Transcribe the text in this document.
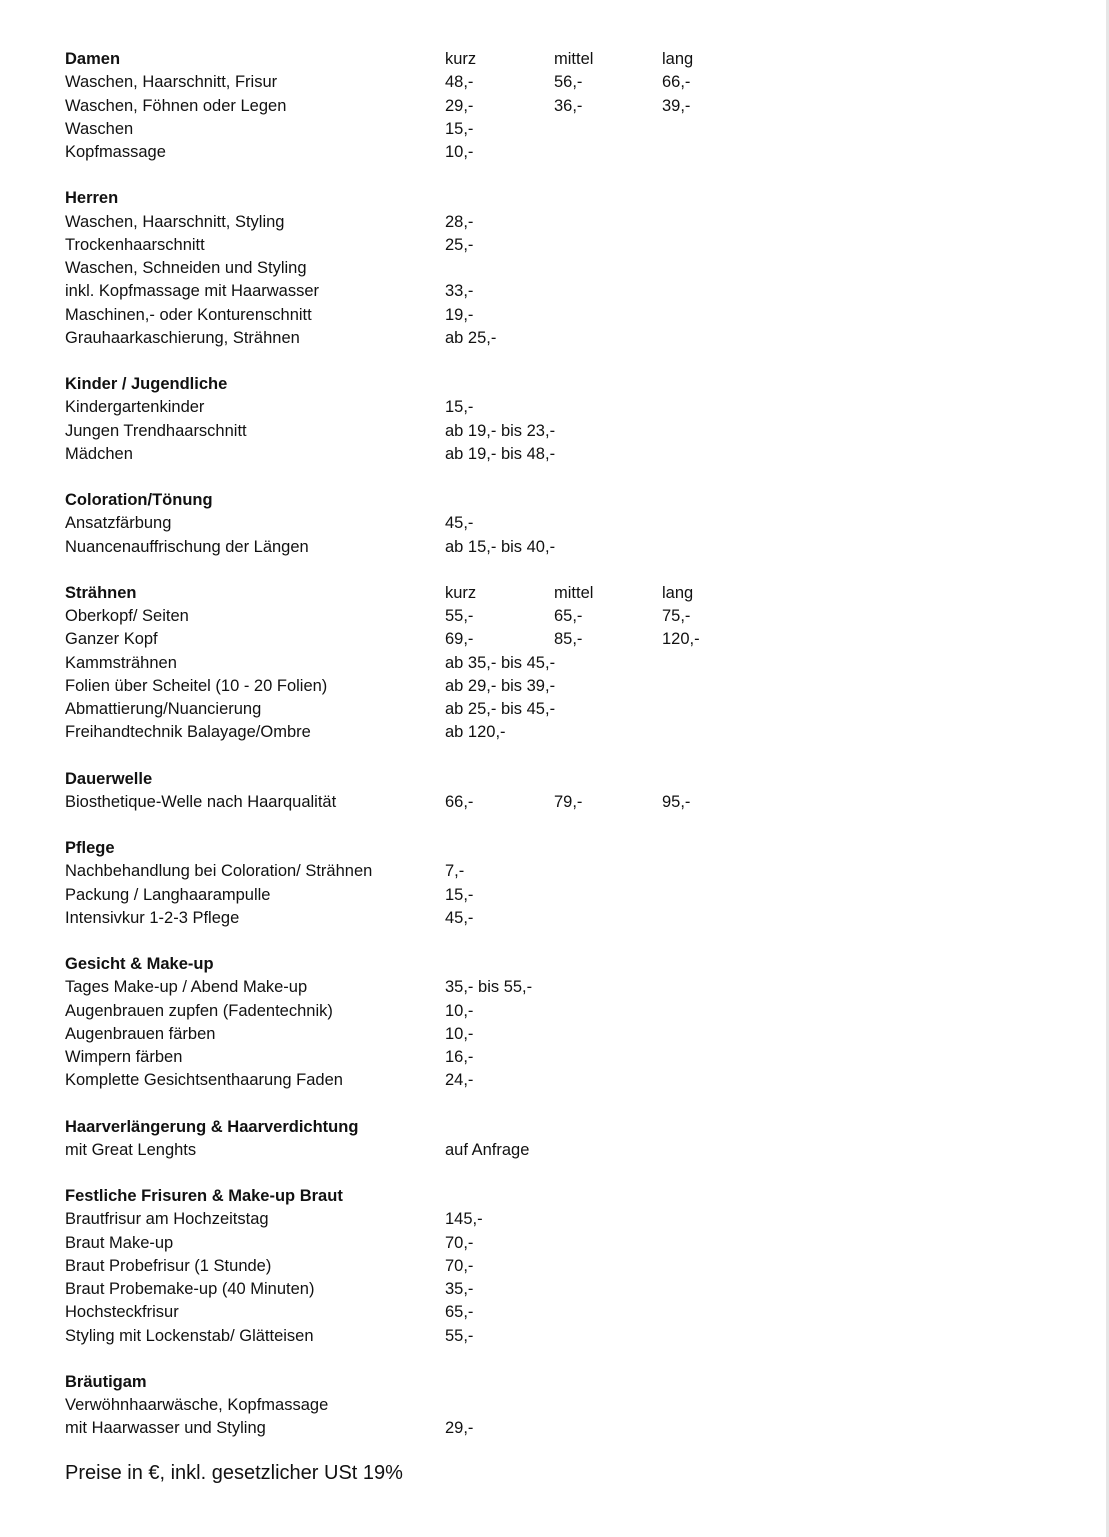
Damen	kurz	mittel	lang
Waschen, Haarschnitt, Frisur	48,-	56,-	66,-
Waschen, Föhnen oder Legen	29,-	36,-	39,-
Waschen	15,-
Kopfmassage	10,-
Herren
Waschen, Haarschnitt, Styling	28,-
Trockenhaarschnitt	25,-
Waschen, Schneiden und Styling
inkl. Kopfmassage mit Haarwasser	33,-
Maschinen,- oder Konturenschnitt	19,-
Grauhaarkaschierung, Strähnen	ab 25,-
Kinder / Jugendliche
Kindergartenkinder	15,-
Jungen Trendhaarschnitt	ab 19,- bis 23,-
Mädchen	ab 19,- bis 48,-
Coloration/Tönung
Ansatzfärbung	45,-
Nuancenauffrischung der Längen	ab 15,- bis 40,-
Strähnen	kurz	mittel	lang
Oberkopf/ Seiten	55,-	65,-	75,-
Ganzer Kopf	69,-	85,-	120,-
Kammsträhnen	ab 35,- bis 45,-
Folien über Scheitel (10 - 20 Folien)	ab 29,- bis 39,-
Abmattierung/Nuancierung	ab 25,- bis 45,-
Freihandtechnik Balayage/Ombre	ab 120,-
Dauerwelle
Biosthetique-Welle nach Haarqualität	66,-	79,-	95,-
Pflege
Nachbehandlung bei Coloration/ Strähnen	7,-
Packung / Langhaarampulle	15,-
Intensivkur 1-2-3 Pflege	45,-
Gesicht & Make-up
Tages Make-up / Abend Make-up	35,- bis 55,-
Augenbrauen zupfen (Fadentechnik)	10,-
Augenbrauen färben	10,-
Wimpern färben	16,-
Komplette Gesichtsenthaarung Faden	24,-
Haarverlängerung & Haarverdichtung
mit Great Lenghts	auf Anfrage
Festliche Frisuren & Make-up Braut
Brautfrisur am Hochzeitstag	145,-
Braut Make-up	70,-
Braut Probefrisur (1 Stunde)	70,-
Braut Probemake-up (40 Minuten)	35,-
Hochsteckfrisur	65,-
Styling mit Lockenstab/ Glätteisen	55,-
Bräutigam
Verwöhnhaarwäsche, Kopfmassage
mit Haarwasser und Styling	29,-
Preise in €, inkl. gesetzlicher USt 19%
